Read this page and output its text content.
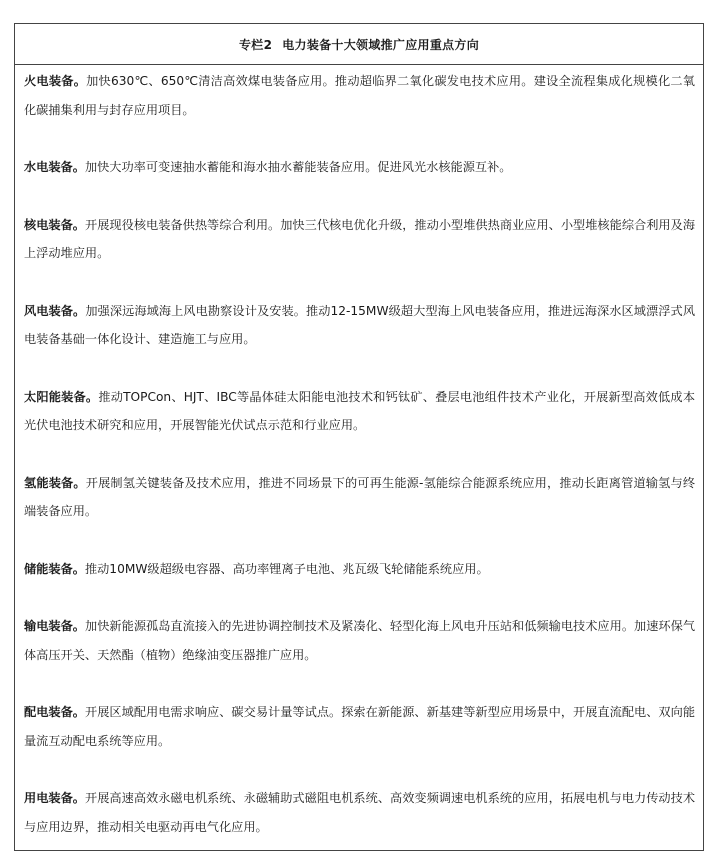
专栏2 电力装备十大领域推广应用重点方向

火电装备。加快630℃、650℃清洁高效煤电装备应用。推动超临界二氧化碳发电技术应用。建设全流程集成化规模化二氧化碳捕集利用与封存应用项目。

水电装备。加快大功率可变速抽水蓄能和海水抽水蓄能装备应用。促进风光水核能源互补。

核电装备。开展现役核电装备供热等综合利用。加快三代核电优化升级，推动小型堆供热商业应用、小型堆核能综合利用及海上浮动堆应用。

风电装备。加强深远海域海上风电勘察设计及安装。推动12-15MW级超大型海上风电装备应用，推进远海深水区域漂浮式风电装备基础一体化设计、建造施工与应用。

太阳能装备。推动TOPCon、HJT、IBC等晶体硅太阳能电池技术和钙钛矿、叠层电池组件技术产业化，开展新型高效低成本光伏电池技术研究和应用，开展智能光伏试点示范和行业应用。

氢能装备。开展制氢关键装备及技术应用，推进不同场景下的可再生能源-氢能综合能源系统应用，推动长距离管道输氢与终端装备应用。

储能装备。推动10MW级超级电容器、高功率锂离子电池、兆瓦级飞轮储能系统应用。

输电装备。加快新能源孤岛直流接入的先进协调控制技术及紧凑化、轻型化海上风电升压站和低频输电技术应用。加速环保气体高压开关、天然酯（植物）绝缘油变压器推广应用。

配电装备。开展区域配用电需求响应、碳交易计量等试点。探索在新能源、新基建等新型应用场景中，开展直流配电、双向能量流互动配电系统等应用。

用电装备。开展高速高效永磁电机系统、永磁辅助式磁阻电机系统、高效变频调速电机系统的应用，拓展电机与电力传动技术与应用边界，推动相关电驱动再电气化应用。
